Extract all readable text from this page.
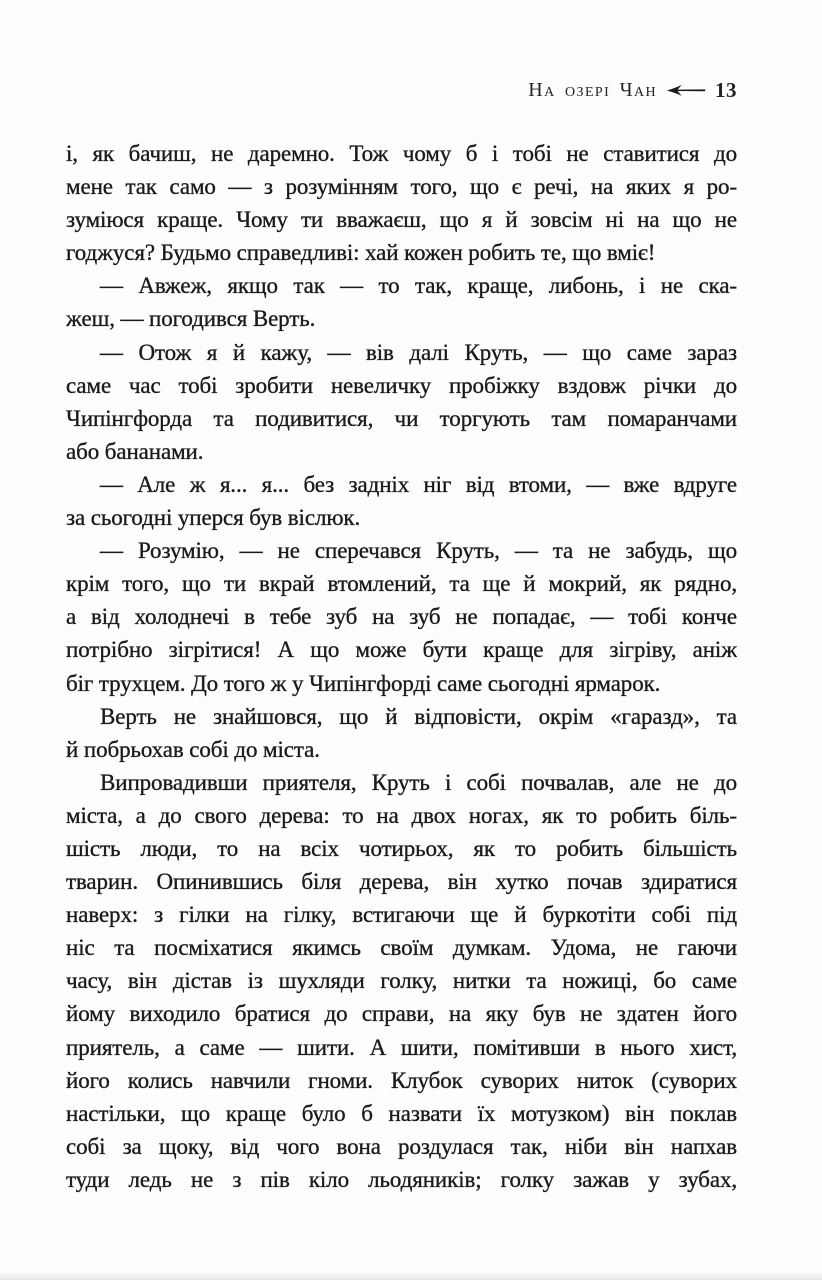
На озері Чан	13
і, як бачиш, не даремно. Тож чому б і тобі не ставитися до
мене так само — з розумінням того, що є речі, на яких я ро-
зуміюся краще. Чому ти вважаєш, що я й зовсім ні на що не
годжуся? Будьмо справедливі: хай кожен робить те, що вміє!
— Авжеж, якщо так — то так, краще, либонь, і не ска-
жеш, — погодився Верть.
— Отож я й кажу, — вів далі Круть, — що саме зараз
саме час тобі зробити невеличку пробіжку вздовж річки до
Чипінгфорда та подивитися, чи торгують там помаранчами
або бананами.
— Але ж я... я... без задніх ніг від втоми, — вже вдруге
за сьогодні уперся був віслюк.
— Розумію, — не сперечався Круть, — та не забудь, що
крім того, що ти вкрай втомлений, та ще й мокрий, як рядно,
а від холоднечі в тебе зуб на зуб не попадає, — тобі конче
потрібно зігрітися! А що може бути краще для зігріву, аніж
біг трухцем. До того ж у Чипінгфорді саме сьогодні ярмарок.
Верть не знайшовся, що й відповісти, окрім «гаразд», та
й побрьохав собі до міста.
Випровадивши приятеля, Круть і собі почвалав, але не до
міста, а до свого дерева: то на двох ногах, як то робить біль-
шість люди, то на всіх чотирьох, як то робить більшість
тварин. Опинившись біля дерева, він хутко почав здиратися
наверх: з гілки на гілку, встигаючи ще й буркотіти собі під
ніс та посміхатися якимсь своїм думкам. Удома, не гаючи
часу, він дістав із шухляди голку, нитки та ножиці, бо саме
йому виходило братися до справи, на яку був не здатен його
приятель, а саме — шити. А шити, помітивши в нього хист,
його колись навчили гноми. Клубок суворих ниток (суворих
настільки, що краще було б назвати їх мотузком) він поклав
собі за щоку, від чого вона роздулася так, ніби він напхав
туди ледь не з пів кіло льодяників; голку зажав у зубах,
